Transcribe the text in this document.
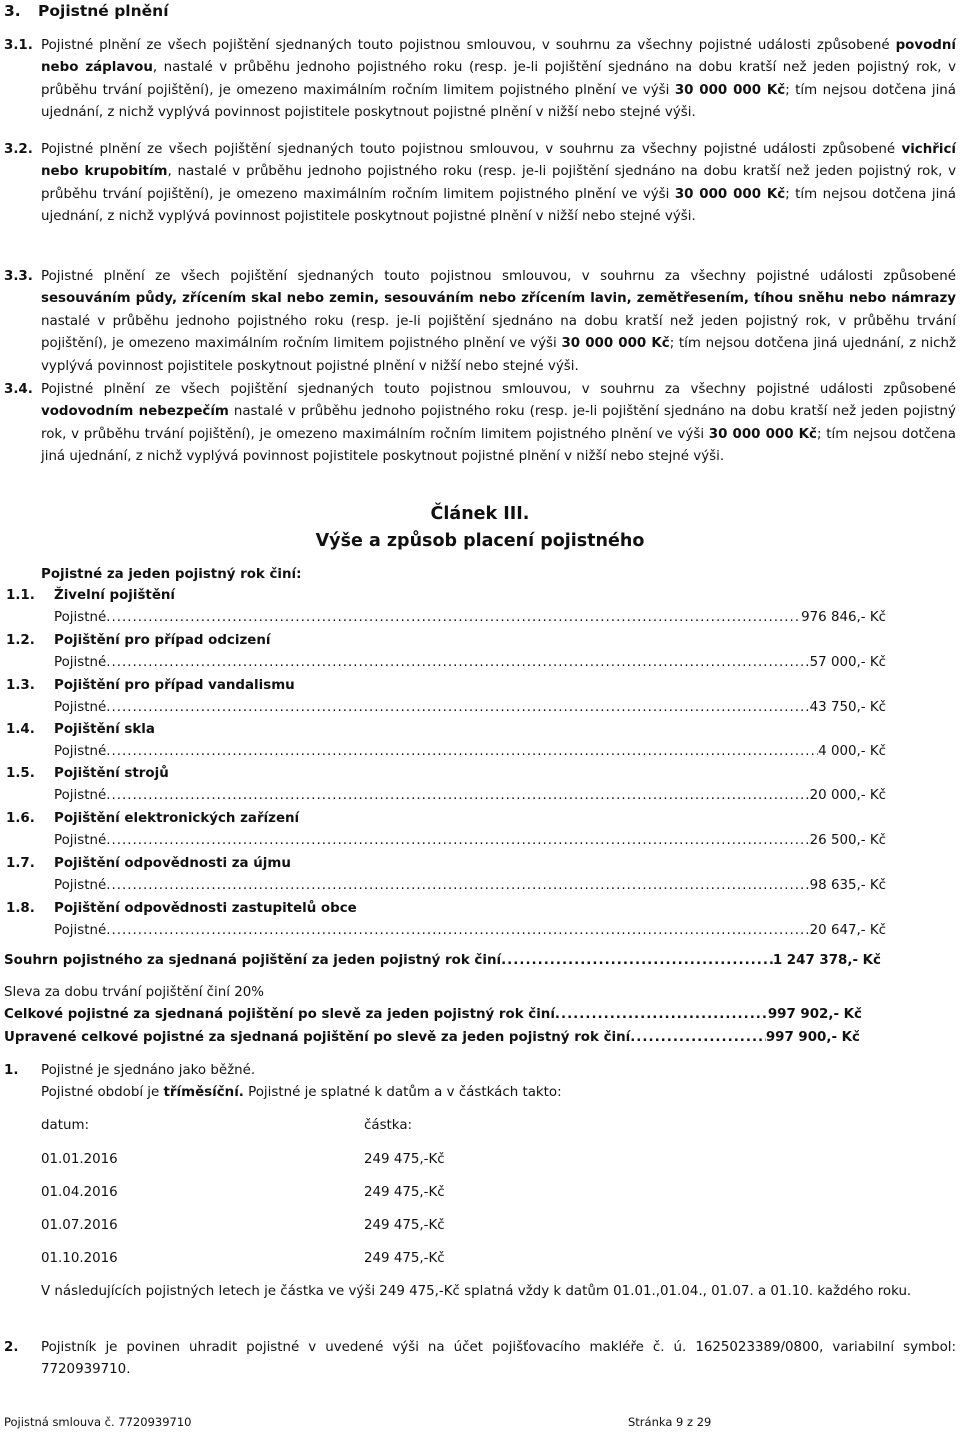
3. Pojistné plnění
3.1. Pojistné plnění ze všech pojištění sjednaných touto pojistnou smlouvou, v souhrnu za všechny pojistné události způsobené povodní nebo záplavou, nastalé v průběhu jednoho pojistného roku (resp. je-li pojištění sjednáno na dobu kratší než jeden pojistný rok, v průběhu trvání pojištění), je omezeno maximálním ročním limitem pojistného plnění ve výši 30 000 000 Kč; tím nejsou dotčena jiná ujednání, z nichž vyplývá povinnost pojistitele poskytnout pojistné plnění v nižší nebo stejné výši.

3.2. Pojistné plnění ze všech pojištění sjednaných touto pojistnou smlouvou, v souhrnu za všechny pojistné události způsobené vichřicí nebo krupobitím, nastalé v průběhu jednoho pojistného roku (resp. je-li pojištění sjednáno na dobu kratší než jeden pojistný rok, v průběhu trvání pojištění), je omezeno maximálním ročním limitem pojistného plnění ve výši 30 000 000 Kč; tím nejsou dotčena jiná ujednání, z nichž vyplývá povinnost pojistitele poskytnout pojistné plnění v nižší nebo stejné výši.

3.3. Pojistné plnění ze všech pojištění sjednaných touto pojistnou smlouvou, v souhrnu za všechny pojistné události způsobené sesouváním půdy, zřícením skal nebo zemin, sesouváním nebo zřícením lavin, zemětřesením, tíhou sněhu nebo námrazy nastalé v průběhu jednoho pojistného roku (resp. je-li pojištění sjednáno na dobu kratší než jeden pojistný rok, v průběhu trvání pojištění), je omezeno maximálním ročním limitem pojistného plnění ve výši 30 000 000 Kč; tím nejsou dotčena jiná ujednání, z nichž vyplývá povinnost pojistitele poskytnout pojistné plnění v nižší nebo stejné výši.

3.4. Pojistné plnění ze všech pojištění sjednaných touto pojistnou smlouvou, v souhrnu za všechny pojistné události způsobené vodovodním nebezpečím nastalé v průběhu jednoho pojistného roku (resp. je-li pojištění sjednáno na dobu kratší než jeden pojistný rok, v průběhu trvání pojištění), je omezeno maximálním ročním limitem pojistného plnění ve výši 30 000 000 Kč; tím nejsou dotčena jiná ujednání, z nichž vyplývá povinnost pojistitele poskytnout pojistné plnění v nižší nebo stejné výši.

Článek III.
Výše a způsob placení pojistného
Pojistné za jeden pojistný rok činí:
1.1.	Živelní pojištění
Pojistné .....	976 846,- Kč
1.2.	Pojištění pro případ odcizení
Pojistné .....	57 000,- Kč
1.3.	Pojištění pro případ vandalismu
Pojistné .....	43 750,- Kč
1.4.	Pojištění skla
Pojistné .....	4 000,- Kč
1.5.	Pojištění strojů
Pojistné .....	20 000,- Kč
1.6.	Pojištění elektronických zařízení
Pojistné .....	26 500,- Kč
1.7.	Pojištění odpovědnosti za újmu
Pojistné .....	98 635,- Kč
1.8.	Pojištění odpovědnosti zastupitelů obce
Pojistné .....	20 647,- Kč
Souhrn pojistného za sjednaná pojištění za jeden pojistný rok činí .....	1 247 378,- Kč
Sleva za dobu trvání pojištění činí 20%
Celkové pojistné za sjednaná pojištění po slevě za jeden pojistný rok činí .....	997 902,- Kč
Upravené celkové pojistné za sjednaná pojištění po slevě za jeden pojistný rok činí .....	997 900,- Kč
1. Pojistné je sjednáno jako běžné.
Pojistné období je tříměsíční. Pojistné je splatné k datům a v částkách takto:
datum:	částka:
01.01.2016	249 475,-Kč
01.04.2016	249 475,-Kč
01.07.2016	249 475,-Kč
01.10.2016	249 475,-Kč
V následujících pojistných letech je částka ve výši 249 475,-Kč splatná vždy k datům 01.01.,01.04., 01.07. a 01.10. každého roku.
2. Pojistník je povinen uhradit pojistné v uvedené výši na účet pojišťovacího makléře č. ú. 1625023389/0800, variabilní symbol: 7720939710.
Pojistná smlouva č. 7720939710	Stránka 9 z 29
